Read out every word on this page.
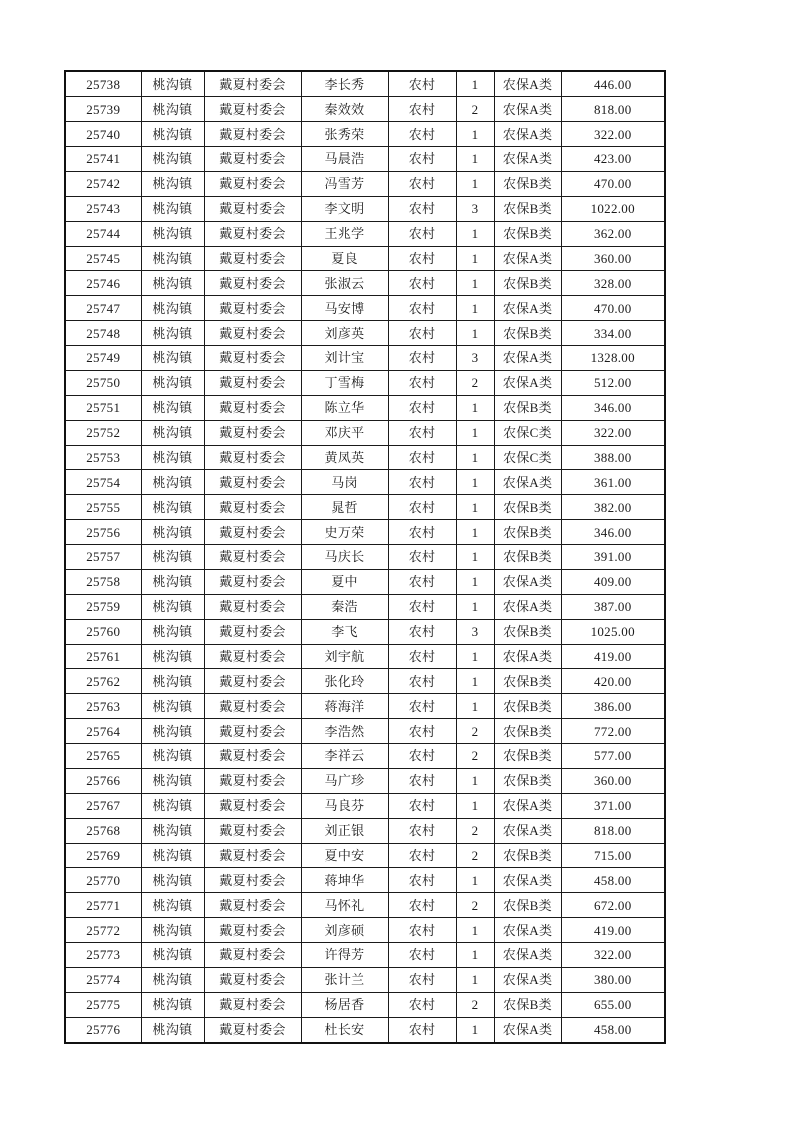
25738	桃沟镇	戴夏村委会	李长秀	农村	1	农保A类	446.00
25739	桃沟镇	戴夏村委会	秦效效	农村	2	农保A类	818.00
25740	桃沟镇	戴夏村委会	张秀荣	农村	1	农保A类	322.00
25741	桃沟镇	戴夏村委会	马晨浩	农村	1	农保A类	423.00
25742	桃沟镇	戴夏村委会	冯雪芳	农村	1	农保B类	470.00
25743	桃沟镇	戴夏村委会	李文明	农村	3	农保B类	1022.00
25744	桃沟镇	戴夏村委会	王兆学	农村	1	农保B类	362.00
25745	桃沟镇	戴夏村委会	夏良	农村	1	农保A类	360.00
25746	桃沟镇	戴夏村委会	张淑云	农村	1	农保B类	328.00
25747	桃沟镇	戴夏村委会	马安博	农村	1	农保A类	470.00
25748	桃沟镇	戴夏村委会	刘彦英	农村	1	农保B类	334.00
25749	桃沟镇	戴夏村委会	刘计宝	农村	3	农保A类	1328.00
25750	桃沟镇	戴夏村委会	丁雪梅	农村	2	农保A类	512.00
25751	桃沟镇	戴夏村委会	陈立华	农村	1	农保B类	346.00
25752	桃沟镇	戴夏村委会	邓庆平	农村	1	农保C类	322.00
25753	桃沟镇	戴夏村委会	黄凤英	农村	1	农保C类	388.00
25754	桃沟镇	戴夏村委会	马岗	农村	1	农保A类	361.00
25755	桃沟镇	戴夏村委会	晁哲	农村	1	农保B类	382.00
25756	桃沟镇	戴夏村委会	史万荣	农村	1	农保B类	346.00
25757	桃沟镇	戴夏村委会	马庆长	农村	1	农保B类	391.00
25758	桃沟镇	戴夏村委会	夏中	农村	1	农保A类	409.00
25759	桃沟镇	戴夏村委会	秦浩	农村	1	农保A类	387.00
25760	桃沟镇	戴夏村委会	李飞	农村	3	农保B类	1025.00
25761	桃沟镇	戴夏村委会	刘宇航	农村	1	农保A类	419.00
25762	桃沟镇	戴夏村委会	张化玲	农村	1	农保B类	420.00
25763	桃沟镇	戴夏村委会	蒋海洋	农村	1	农保B类	386.00
25764	桃沟镇	戴夏村委会	李浩然	农村	2	农保B类	772.00
25765	桃沟镇	戴夏村委会	李祥云	农村	2	农保B类	577.00
25766	桃沟镇	戴夏村委会	马广珍	农村	1	农保B类	360.00
25767	桃沟镇	戴夏村委会	马良芬	农村	1	农保A类	371.00
25768	桃沟镇	戴夏村委会	刘正银	农村	2	农保A类	818.00
25769	桃沟镇	戴夏村委会	夏中安	农村	2	农保B类	715.00
25770	桃沟镇	戴夏村委会	蒋坤华	农村	1	农保A类	458.00
25771	桃沟镇	戴夏村委会	马怀礼	农村	2	农保B类	672.00
25772	桃沟镇	戴夏村委会	刘彦硕	农村	1	农保A类	419.00
25773	桃沟镇	戴夏村委会	许得芳	农村	1	农保A类	322.00
25774	桃沟镇	戴夏村委会	张计兰	农村	1	农保A类	380.00
25775	桃沟镇	戴夏村委会	杨居香	农村	2	农保B类	655.00
25776	桃沟镇	戴夏村委会	杜长安	农村	1	农保A类	458.00
